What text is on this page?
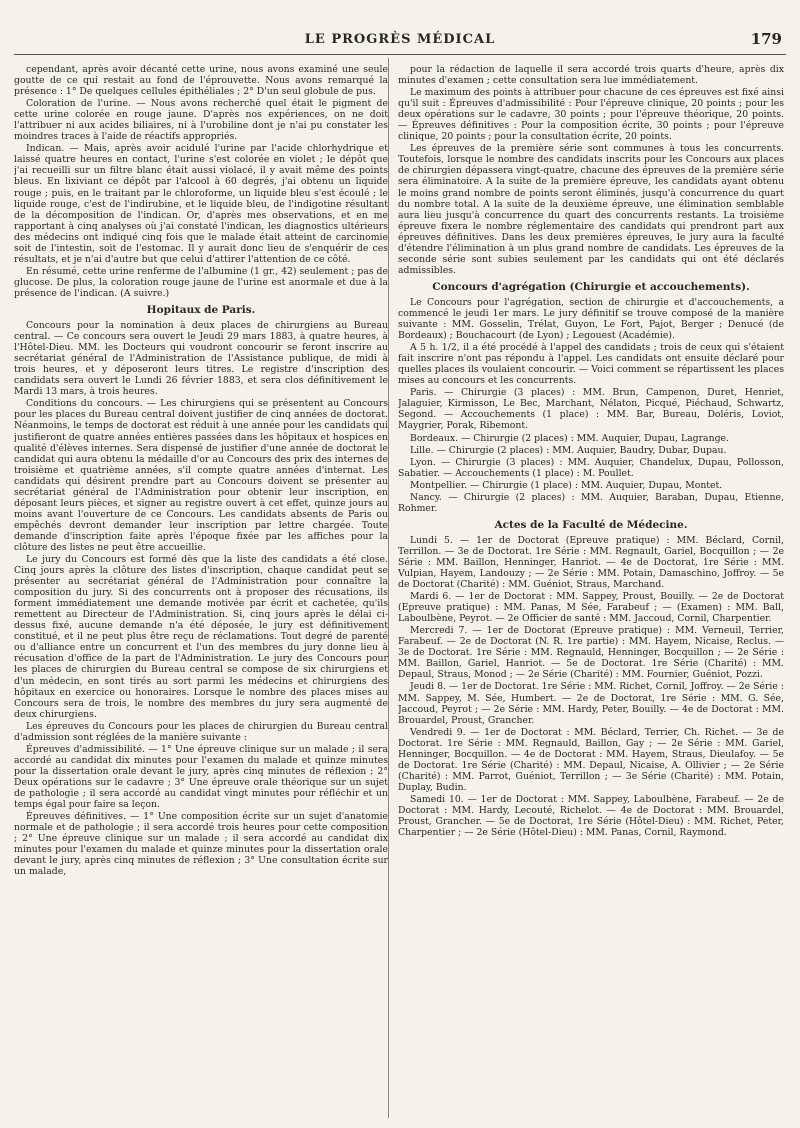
LE PROGRÈS MÉDICAL	179

cependant, après avoir décanté cette urine, nous avons examiné une seule goutte de ce qui restait au fond de l'éprouvette. Nous avons remarqué la présence : 1° De quelques cellules épithéliales ; 2° D'un seul globule de pus.

Coloration de l'urine. — Nous avons recherché quel était le pigment de cette urine colorée en rouge jaune. D'après nos expériences, on ne doit l'attribuer ni aux acides biliaires, ni à l'urobiline dont je n'ai pu constater les moindres traces à l'aide de réactifs appropriés.

Indican. — Mais, après avoir acidulé l'urine par l'acide chlorhydrique et laissé quatre heures en contact, l'urine s'est colorée en violet ; le dépôt que j'ai recueilli sur un filtre blanc était aussi violacé, il y avait même des points bleus. En lixiviant ce dépôt par l'alcool à 60 degrés, j'ai obtenu un liquide rouge ; puis, en le traitant par le chloroforme, un liquide bleu s'est écoulé ; le liquide rouge, c'est de l'indirubine, et le liquide bleu, de l'indigotine résultant de la décomposition de l'indican. Or, d'après mes observations, et en me rapportant à cinq analyses où j'ai constaté l'indican, les diagnostics ultérieurs des médecins ont indiqué cinq fois que le malade était atteint de carcinomie soit de l'intestin, soit de l'estomac. Il y aurait donc lieu de s'enquérir de ces résultats, et je n'ai d'autre but que celui d'attirer l'attention de ce côté.

En résumé, cette urine renferme de l'albumine (1 gr., 42) seulement ; pas de glucose. De plus, la coloration rouge jaune de l'urine est anormale et due à la présence de l'indican. (A suivre.)

Hopitaux de Paris.

Concours pour la nomination à deux places de chirurgiens au Bureau central. — Ce concours sera ouvert le Jeudi 29 mars 1883, à quatre heures, à l'Hôtel-Dieu. MM. les Docteurs qui voudront concourir se feront inscrire au secrétariat général de l'Administration de l'Assistance publique, de midi à trois heures, et y déposeront leurs titres. Le registre d'inscription des candidats sera ouvert le Lundi 26 février 1883, et sera clos définitivement le Mardi 13 mars, à trois heures.

Conditions du concours. — Les chirurgiens qui se présentent au Concours pour les places du Bureau central doivent justifier de cinq années de doctorat. Néanmoins, le temps de doctorat est réduit à une année pour les candidats qui justifieront de quatre années entières passées dans les hôpitaux et hospices en qualité d'élèves internes. Sera dispensé de justifier d'une année de doctorat le candidat qui aura obtenu la médaille d'or au Concours des prix des internes de troisième et quatrième années, s'il compte quatre années d'internat. Les candidats qui désirent prendre part au Concours doivent se présenter au secrétariat général de l'Administration pour obtenir leur inscription, en déposant leurs pièces, et signer au registre ouvert à cet effet, quinze jours au moins avant l'ouverture de ce Concours. Les candidats absents de Paris ou empêchés devront demander leur inscription par lettre chargée. Toute demande d'inscription faite après l'époque fixée par les affiches pour la clôture des listes ne peut être accueillie.

Le jury du Concours est formé dès que la liste des candidats a été close. Cinq jours après la clôture des listes d'inscription, chaque candidat peut se présenter au secrétariat général de l'Administration pour connaître la composition du jury. Si des concurrents ont à proposer des récusations, ils forment immédiatement une demande motivée par écrit et cachetée, qu'ils remettent au Directeur de l'Administration. Si, cinq jours après le délai ci-dessus fixé, aucune demande n'a été déposée, le jury est définitivement constitué, et il ne peut plus être reçu de réclamations. Tout degré de parenté ou d'alliance entre un concurrent et l'un des membres du jury donne lieu à récusation d'office de la part de l'Administration. Le jury des Concours pour les places de chirurgien du Bureau central se compose de six chirurgiens et d'un médecin, en sont tirés au sort parmi les médecins et chirurgiens des hôpitaux en exercice ou honoraires. Lorsque le nombre des places mises au Concours sera de trois, le nombre des membres du jury sera augmenté de deux chirurgiens.

Les épreuves du Concours pour les places de chirurgien du Bureau central d'admission sont réglées de la manière suivante :

Épreuves d'admissibilité. — 1° Une épreuve clinique sur un malade ; il sera accordé au candidat dix minutes pour l'examen du malade et quinze minutes pour la dissertation orale devant le jury, après cinq minutes de réflexion ; 2° Deux opérations sur le cadavre ; 3° Une épreuve orale théorique sur un sujet de pathologie ; il sera accordé au candidat vingt minutes pour réfléchir et un temps égal pour faire sa leçon.

Épreuves définitives. — 1° Une composition écrite sur un sujet d'anatomie normale et de pathologie ; il sera accordé trois heures pour cette composition ; 2° Une épreuve clinique sur un malade ; il sera accordé au candidat dix minutes pour l'examen du malade et quinze minutes pour la dissertation orale devant le jury, après cinq minutes de réflexion ; 3° Une consultation écrite sur un malade,

pour la rédaction de laquelle il sera accordé trois quarts d'heure, après dix minutes d'examen ; cette consultation sera lue immédiatement.

Le maximum des points à attribuer pour chacune de ces épreuves est fixé ainsi qu'il suit : Épreuves d'admissibilité : Pour l'épreuve clinique, 20 points ; pour les deux opérations sur le cadavre, 30 points ; pour l'épreuve théorique, 20 points. — Épreuves définitives : Pour la composition écrite, 30 points ; pour l'épreuve clinique, 20 points ; pour la consultation écrite, 20 points.

Les épreuves de la première série sont communes à tous les concurrents. Toutefois, lorsque le nombre des candidats inscrits pour les Concours aux places de chirurgien dépassera vingt-quatre, chacune des épreuves de la première série sera éliminatoire. A la suite de la première épreuve, les candidats ayant obtenu le moins grand nombre de points seront éliminés, jusqu'à concurrence du quart du nombre total. A la suite de la deuxième épreuve, une élimination semblable aura lieu jusqu'à concurrence du quart des concurrents restants. La troisième épreuve fixera le nombre réglementaire des candidats qui prendront part aux épreuves définitives. Dans les deux premières épreuves, le jury aura la faculté d'étendre l'élimination à un plus grand nombre de candidats. Les épreuves de la seconde série sont subies seulement par les candidats qui ont été déclarés admissibles.

Concours d'agrégation (Chirurgie et accouchements).

Le Concours pour l'agrégation, section de chirurgie et d'accouchements, a commencé le jeudi 1er mars. Le jury définitif se trouve composé de la manière suivante : MM. Gosselin, Trélat, Guyon, Le Fort, Pajot, Berger ; Denucé (de Bordeaux) ; Bouchacourt (de Lyon) ; Legouest (Académie).

A 5 h. 1/2, il a été procédé à l'appel des candidats ; trois de ceux qui s'étaient fait inscrire n'ont pas répondu à l'appel. Les candidats ont ensuite déclaré pour quelles places ils voulaient concourir. — Voici comment se répartissent les places mises au concours et les concurrents.

Paris. — Chirurgie (3 places) : MM. Brun, Campenon, Duret, Henriet, Jalaguier, Kirmisson, Le Bec, Marchant, Nélaton, Picqué, Piéchaud, Schwartz, Segond. — Accouchements (1 place) : MM. Bar, Bureau, Doléris, Loviot, Maygrier, Porak, Ribemont.

Bordeaux. — Chirurgie (2 places) : MM. Auquier, Dupau, Lagrange.

Lille. — Chirurgie (2 places) : MM. Auquier, Baudry, Dubar, Dupau.

Lyon. — Chirurgie (3 places) : MM. Auquier, Chandelux, Dupau, Pollosson, Sabatier. — Accouchements (1 place) : M. Poullet.

Montpellier. — Chirurgie (1 place) : MM. Auquier, Dupau, Montet.

Nancy. — Chirurgie (2 places) : MM. Auquier, Baraban, Dupau, Etienne, Rohmer.

Actes de la Faculté de Médecine.

Lundi 5. — 1er de Doctorat (Epreuve pratique) : MM. Béclard, Cornil, Terrillon. — 3e de Doctorat. 1re Série : MM. Regnault, Gariel, Bocquillon ; — 2e Série : MM. Baillon, Henninger, Hanriot. — 4e de Doctorat, 1re Série : MM. Vulpian, Hayem, Landouzy ; — 2e Série : MM. Potain, Damaschino, Joffroy. — 5e de Doctorat (Charité) : MM. Guéniot, Straus, Marchand.

Mardi 6. — 1er de Doctorat : MM. Sappey, Proust, Bouilly. — 2e de Doctorat (Epreuve pratique) : MM. Panas, M Sée, Farabeuf ; — (Examen) : MM. Ball, Laboulbène, Peyrot. — 2e Officier de santé : MM. Jaccoud, Cornil, Charpentier.

Mercredi 7. — 1er de Doctorat (Epreuve pratique) : MM. Verneuil, Terrier, Farabeuf. — 2e de Doctorat (N. R. 1re partie) : MM. Hayem, Nicaise, Reclus. — 3e de Doctorat. 1re Série : MM. Regnauld, Henninger, Bocquillon ; — 2e Série : MM. Baillon, Gariel, Hanriot. — 5e de Doctorat. 1re Série (Charité) : MM. Depaul, Straus, Monod ; — 2e Série (Charité) : MM. Fournier, Guéniot, Pozzi.

Jeudi 8. — 1er de Doctorat. 1re Série : MM. Richet, Cornil, Joffroy. — 2e Série : MM. Sappey, M. Sée, Humbert. — 2e de Doctorat, 1re Série : MM. G. Sée, Jaccoud, Peyrot ; — 2e Série : MM. Hardy, Peter, Bouilly. — 4e de Doctorat : MM. Brouardel, Proust, Grancher.

Vendredi 9. — 1er de Doctorat : MM. Béclard, Terrier, Ch. Richet. — 3e de Doctorat. 1re Série : MM. Regnauld, Baillon, Gay ; — 2e Série : MM. Gariel, Henninger, Bocquillon. — 4e de Doctorat : MM. Hayem, Straus, Dieulafoy. — 5e de Doctorat. 1re Série (Charité) : MM. Depaul, Nicaise, A. Ollivier ; — 2e Série (Charité) : MM. Parrot, Guéniot, Terrillon ; — 3e Série (Charité) : MM. Potain, Duplay, Budin.

Samedi 10. — 1er de Doctorat : MM. Sappey, Laboulbène, Farabeuf. — 2e de Doctorat : MM. Hardy, Lecouté, Richelot. — 4e de Doctorat : MM. Brouardel, Proust, Grancher. — 5e de Doctorat, 1re Série (Hôtel-Dieu) : MM. Richet, Peter, Charpentier ; — 2e Série (Hôtel-Dieu) : MM. Panas, Cornil, Raymond.
